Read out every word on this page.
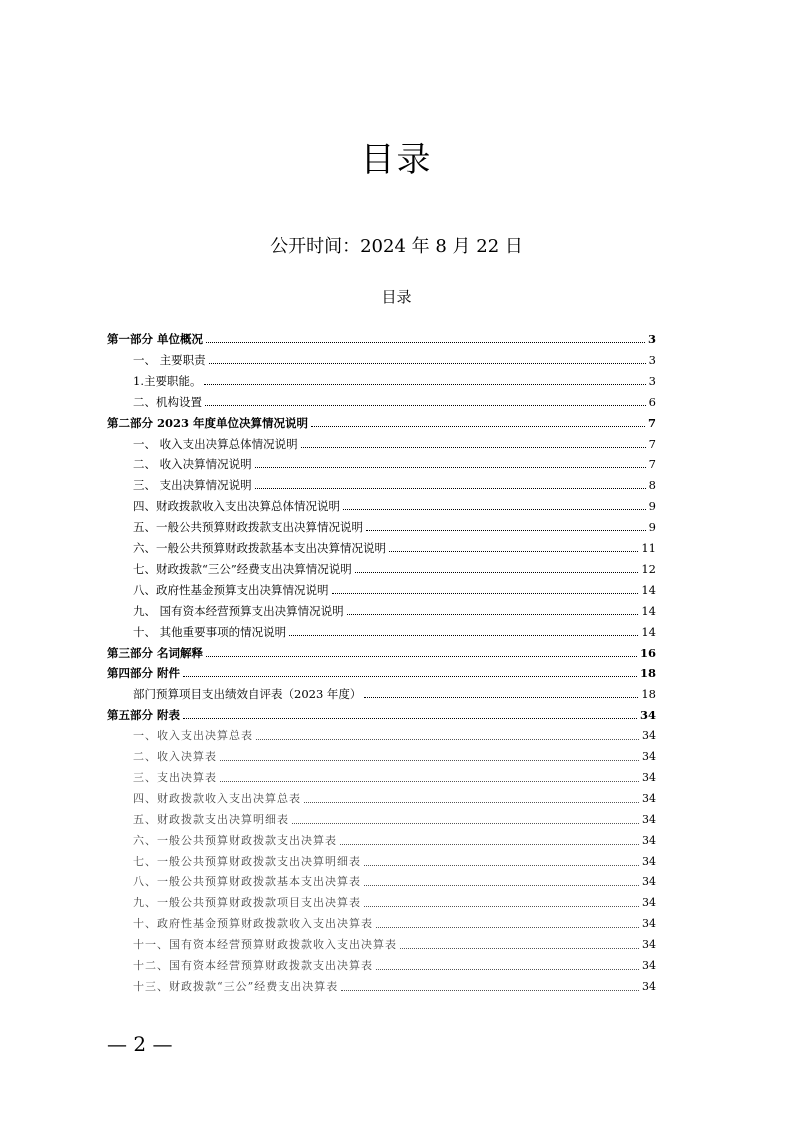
目录
公开时间：2024 年 8 月 22 日
目录
第一部分 单位概况	3
一、 主要职责	3
1.主要职能。	3
二、机构设置	6
第二部分 2023 年度单位决算情况说明	7
一、 收入支出决算总体情况说明	7
二、 收入决算情况说明	7
三、 支出决算情况说明	8
四、财政拨款收入支出决算总体情况说明	9
五、一般公共预算财政拨款支出决算情况说明	9
六、一般公共预算财政拨款基本支出决算情况说明	11
七、财政拨款“三公”经费支出决算情况说明	12
八、政府性基金预算支出决算情况说明	14
九、 国有资本经营预算支出决算情况说明	14
十、 其他重要事项的情况说明	14
第三部分 名词解释	16
第四部分 附件	18
部门预算项目支出绩效自评表（2023 年度）	18
第五部分 附表	34
一、收入支出决算总表	34
二、收入决算表	34
三、支出决算表	34
四、财政拨款收入支出决算总表	34
五、财政拨款支出决算明细表	34
六、一般公共预算财政拨款支出决算表	34
七、一般公共预算财政拨款支出决算明细表	34
八、一般公共预算财政拨款基本支出决算表	34
九、一般公共预算财政拨款项目支出决算表	34
十、政府性基金预算财政拨款收入支出决算表	34
十一、国有资本经营预算财政拨款收入支出决算表	34
十二、国有资本经营预算财政拨款支出决算表	34
十三、财政拨款“三公”经费支出决算表	34
— 2 —
